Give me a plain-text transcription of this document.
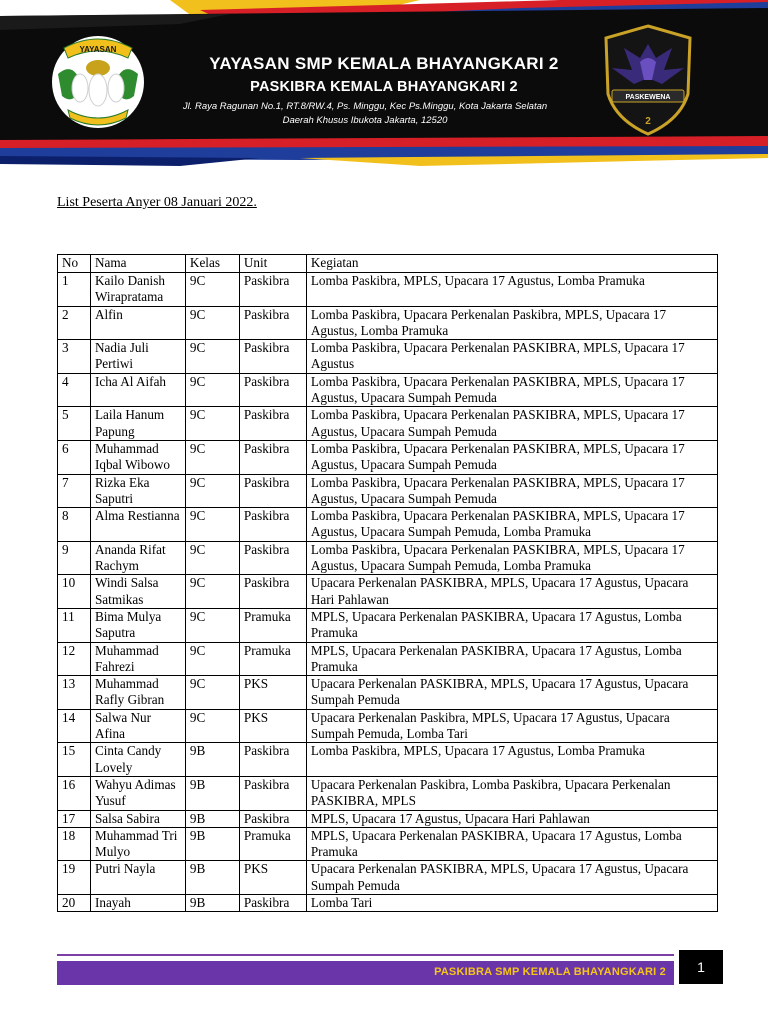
YAYASAN
YAYASAN SMP KEMALA BHAYANGKARI 2
PASKIBRA KEMALA BHAYANGKARI 2
Jl. Raya Ragunan No.1, RT.8/RW.4, Ps. Minggu, Kec Ps.Minggu, Kota Jakarta Selatan
Daerah Khusus Ibukota Jakarta, 12520
PASKEWENA
2
List Peserta Anyer 08 Januari 2022.
No	Nama	Kelas	Unit	Kegiatan
1	Kailo Danish Wirapratama	9C	Paskibra	Lomba Paskibra, MPLS, Upacara 17 Agustus, Lomba Pramuka
2	Alfin	9C	Paskibra	Lomba Paskibra, Upacara Perkenalan Paskibra, MPLS, Upacara 17 Agustus, Lomba Pramuka
3	Nadia Juli Pertiwi	9C	Paskibra	Lomba Paskibra, Upacara Perkenalan PASKIBRA, MPLS, Upacara 17 Agustus
4	Icha Al Aifah	9C	Paskibra	Lomba Paskibra, Upacara Perkenalan PASKIBRA, MPLS, Upacara 17 Agustus, Upacara Sumpah Pemuda
5	Laila Hanum Papung	9C	Paskibra	Lomba Paskibra, Upacara Perkenalan PASKIBRA, MPLS, Upacara 17 Agustus, Upacara Sumpah Pemuda
6	Muhammad Iqbal Wibowo	9C	Paskibra	Lomba Paskibra, Upacara Perkenalan PASKIBRA, MPLS, Upacara 17 Agustus, Upacara Sumpah Pemuda
7	Rizka Eka Saputri	9C	Paskibra	Lomba Paskibra, Upacara Perkenalan PASKIBRA, MPLS, Upacara 17 Agustus, Upacara Sumpah Pemuda
8	Alma Restianna	9C	Paskibra	Lomba Paskibra, Upacara Perkenalan PASKIBRA, MPLS, Upacara 17 Agustus, Upacara Sumpah Pemuda, Lomba Pramuka
9	Ananda Rifat Rachym	9C	Paskibra	Lomba Paskibra, Upacara Perkenalan PASKIBRA, MPLS, Upacara 17 Agustus, Upacara Sumpah Pemuda, Lomba Pramuka
10	Windi Salsa Satmikas	9C	Paskibra	Upacara Perkenalan PASKIBRA, MPLS, Upacara 17 Agustus, Upacara Hari Pahlawan
11	Bima Mulya Saputra	9C	Pramuka	MPLS, Upacara Perkenalan PASKIBRA, Upacara 17 Agustus, Lomba Pramuka
12	Muhammad Fahrezi	9C	Pramuka	MPLS, Upacara Perkenalan PASKIBRA, Upacara 17 Agustus, Lomba Pramuka
13	Muhammad Rafly Gibran	9C	PKS	Upacara Perkenalan PASKIBRA, MPLS, Upacara 17 Agustus, Upacara Sumpah Pemuda
14	Salwa Nur Afina	9C	PKS	Upacara Perkenalan Paskibra, MPLS, Upacara 17 Agustus, Upacara Sumpah Pemuda, Lomba Tari
15	Cinta Candy Lovely	9B	Paskibra	Lomba Paskibra, MPLS, Upacara 17 Agustus, Lomba Pramuka
16	Wahyu Adimas Yusuf	9B	Paskibra	Upacara Perkenalan Paskibra, Lomba Paskibra, Upacara Perkenalan PASKIBRA, MPLS
17	Salsa Sabira	9B	Paskibra	MPLS, Upacara 17 Agustus, Upacara Hari Pahlawan
18	Muhammad Tri Mulyo	9B	Pramuka	MPLS, Upacara Perkenalan PASKIBRA, Upacara 17 Agustus, Lomba Pramuka
19	Putri Nayla	9B	PKS	Upacara Perkenalan PASKIBRA, MPLS, Upacara 17 Agustus, Upacara Sumpah Pemuda
20	Inayah	9B	Paskibra	Lomba Tari
PASKIBRA SMP KEMALA BHAYANGKARI 2	1
